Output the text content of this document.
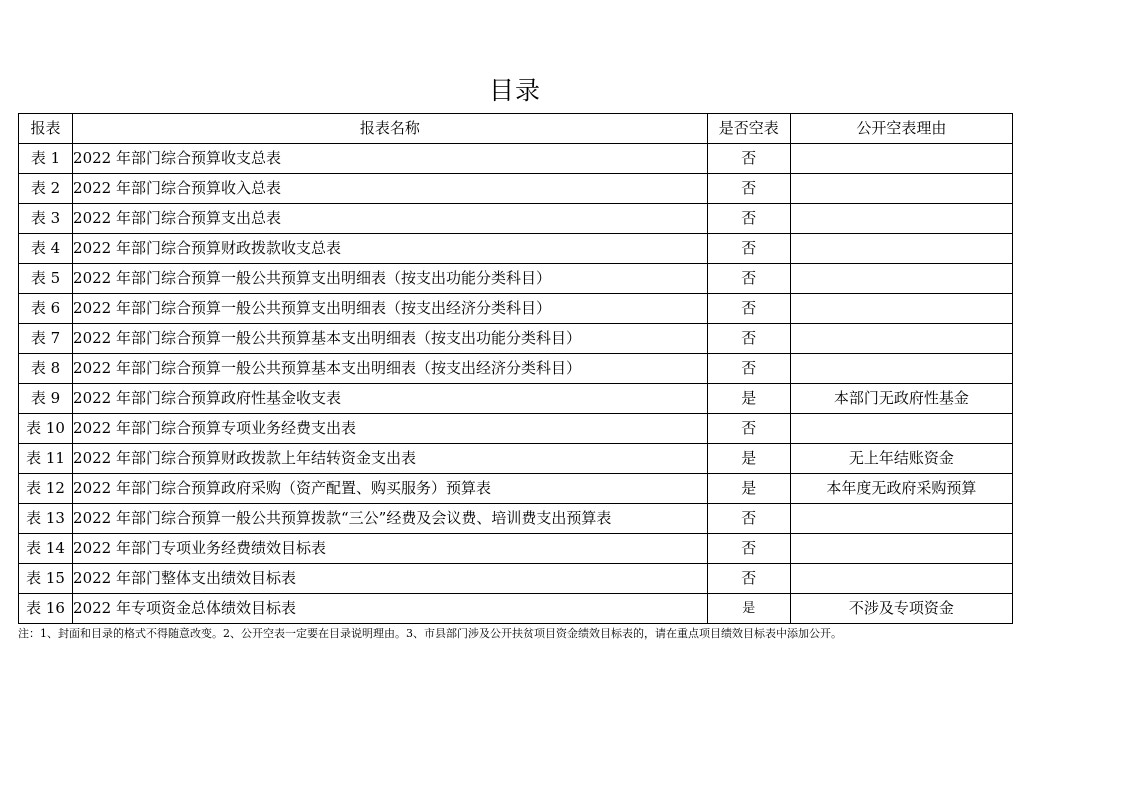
目录
报表	报表名称	是否空表	公开空表理由
表 1	2022 年部门综合预算收支总表	否	
表 2	2022 年部门综合预算收入总表	否	
表 3	2022 年部门综合预算支出总表	否	
表 4	2022 年部门综合预算财政拨款收支总表	否	
表 5	2022 年部门综合预算一般公共预算支出明细表（按支出功能分类科目）	否	
表 6	2022 年部门综合预算一般公共预算支出明细表（按支出经济分类科目）	否	
表 7	2022 年部门综合预算一般公共预算基本支出明细表（按支出功能分类科目）	否	
表 8	2022 年部门综合预算一般公共预算基本支出明细表（按支出经济分类科目）	否	
表 9	2022 年部门综合预算政府性基金收支表	是	本部门无政府性基金
表 10	2022 年部门综合预算专项业务经费支出表	否	
表 11	2022 年部门综合预算财政拨款上年结转资金支出表	是	无上年结账资金
表 12	2022 年部门综合预算政府采购（资产配置、购买服务）预算表	是	本年度无政府采购预算
表 13	2022 年部门综合预算一般公共预算拨款“三公”经费及会议费、培训费支出预算表	否	
表 14	2022 年部门专项业务经费绩效目标表	否	
表 15	2022 年部门整体支出绩效目标表	否	
表 16	2022 年专项资金总体绩效目标表	是	不涉及专项资金
注：1、封面和目录的格式不得随意改变。2、公开空表一定要在目录说明理由。3、市县部门涉及公开扶贫项目资金绩效目标表的，请在重点项目绩效目标表中添加公开。
